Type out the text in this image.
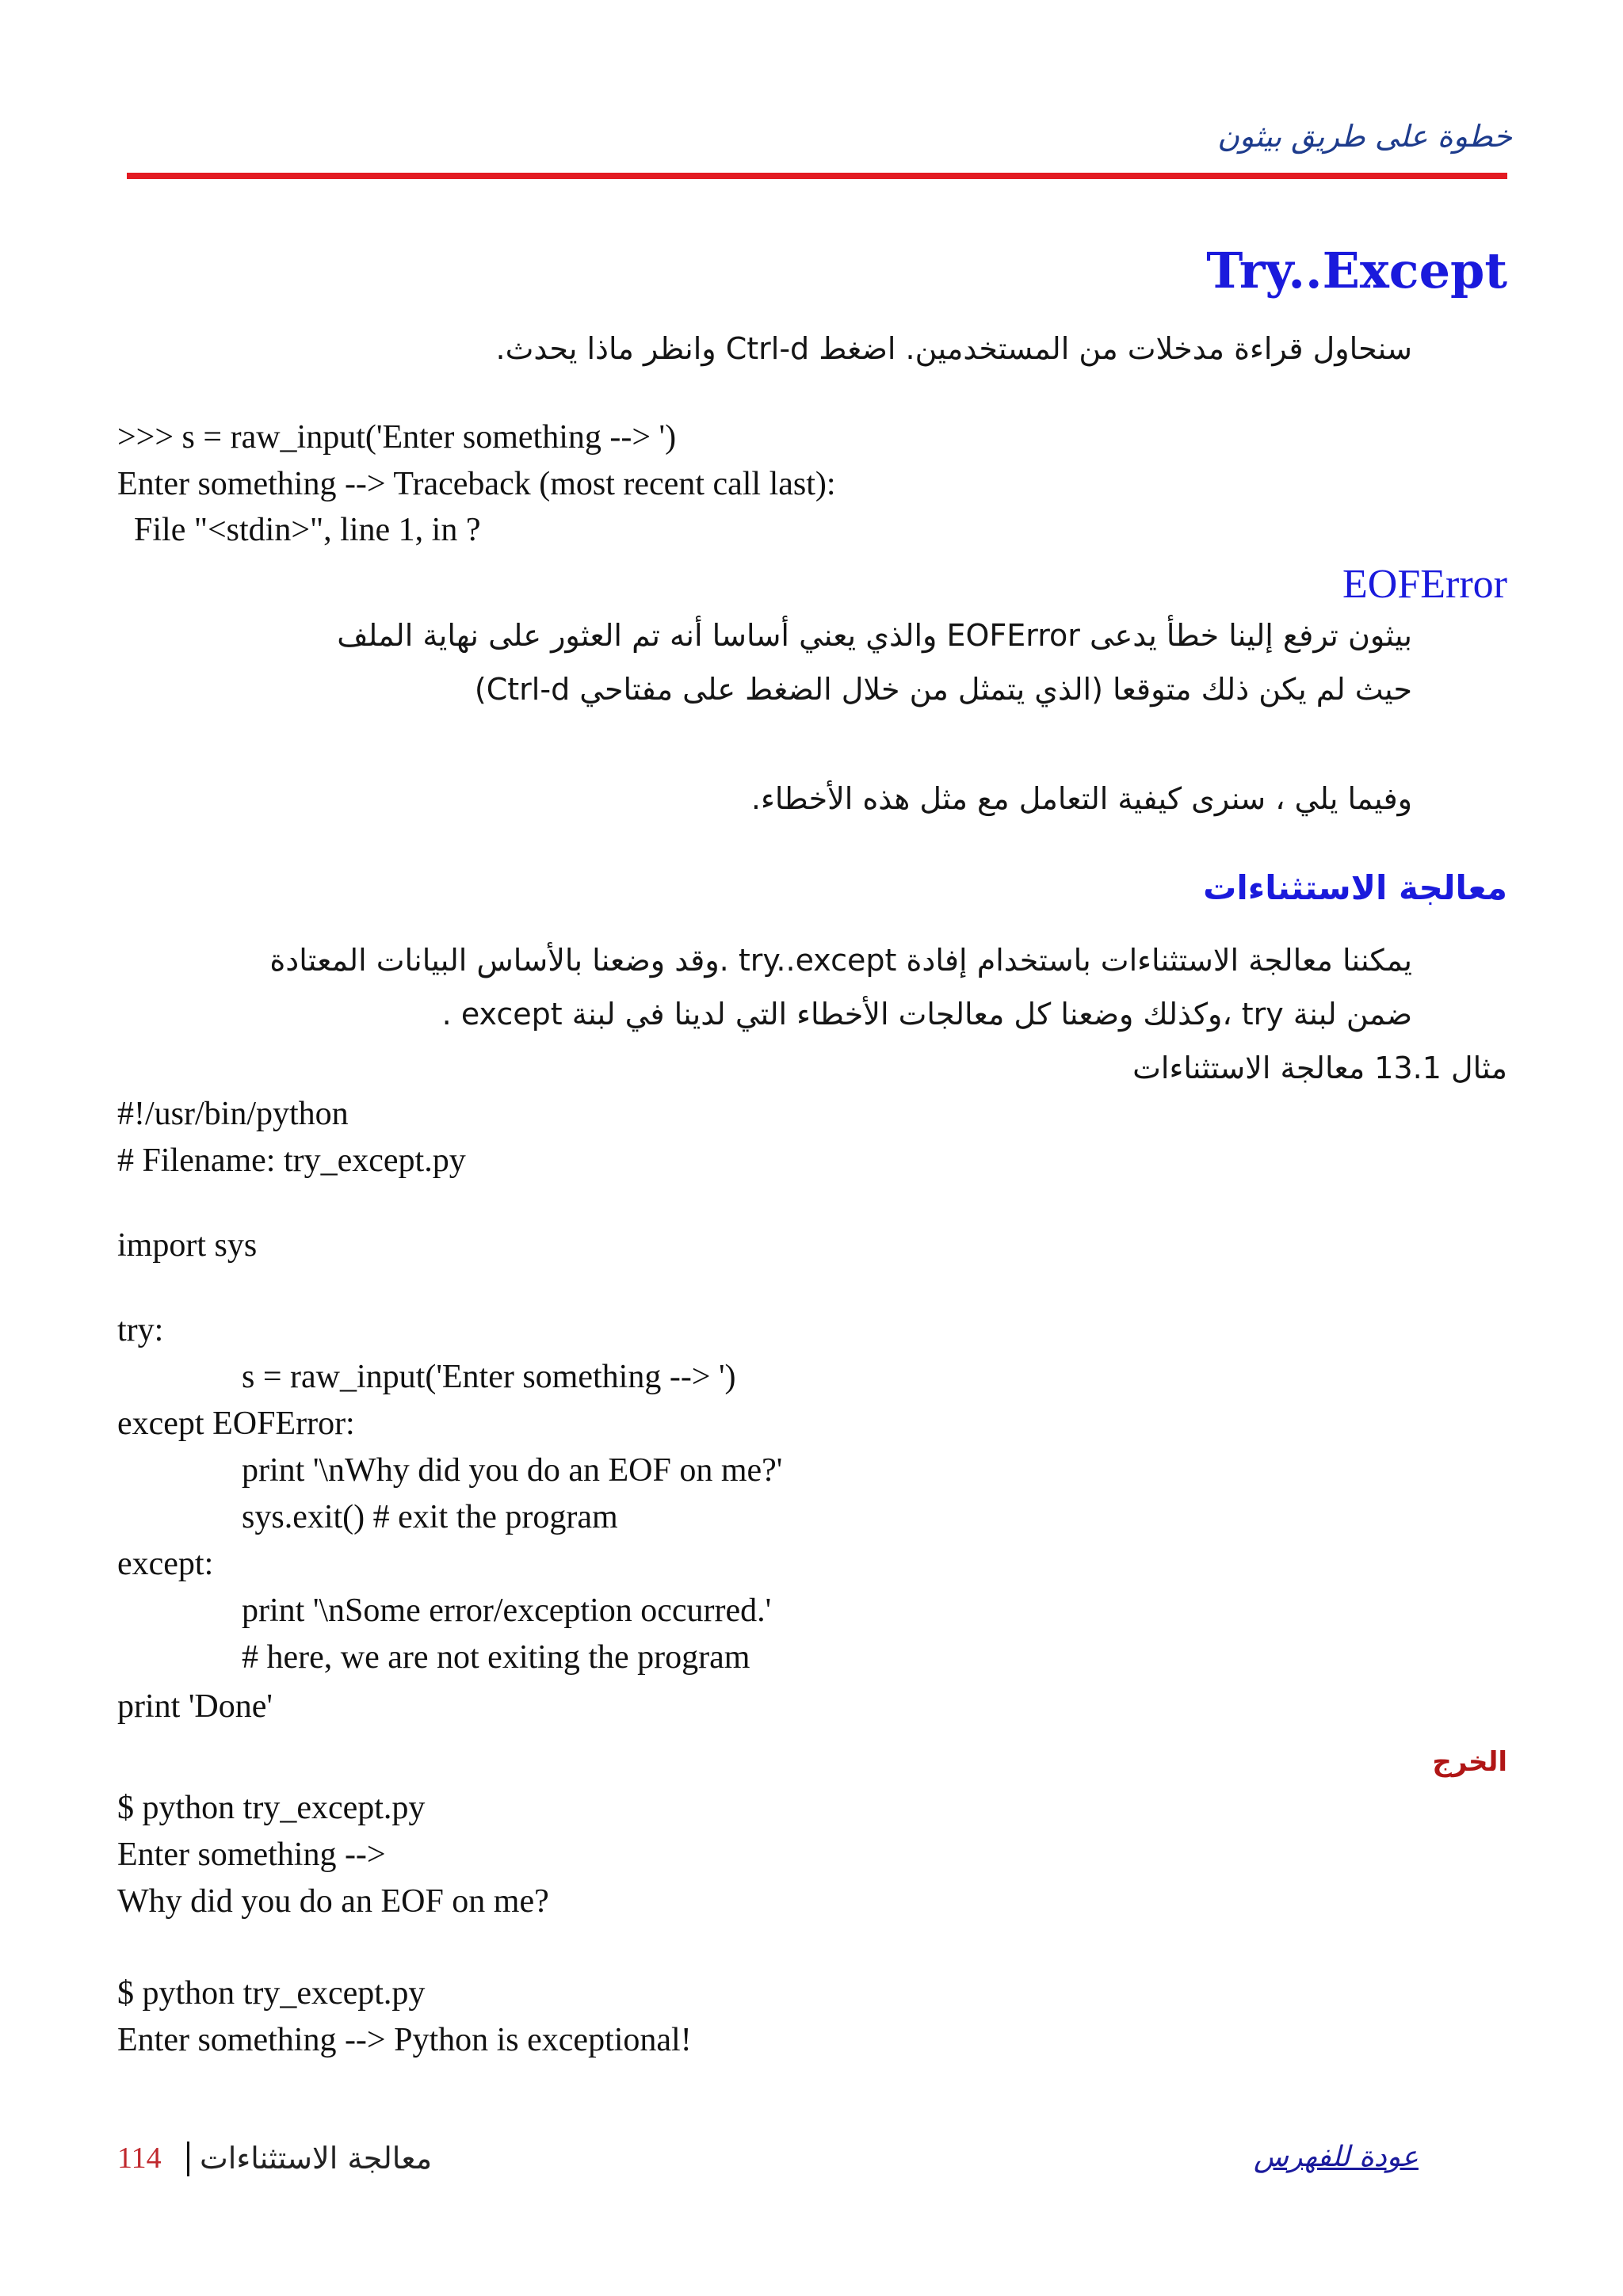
خطوة على طريق بيثون
Try..Except
سنحاول قراءة مدخلات من المستخدمين. اضغط Ctrl-d وانظر ماذا يحدث.
>>> s = raw_input('Enter something --> ')
Enter something --> Traceback (most recent call last):
File "<stdin>", line 1, in ?
EOFError
بيثون ترفع إلينا خطأ يدعى EOFError والذي يعني أساسا أنه تم العثور على نهاية الملف
حيث لم يكن ذلك متوقعا (الذي يتمثل من خلال الضغط على مفتاحي Ctrl-d)
وفيما يلي ، سنرى كيفية التعامل مع مثل هذه الأخطاء.
معالجة الاستثناءات
يمكننا معالجة الاستثناءات باستخدام إفادة try..except .وقد وضعنا بالأساس البيانات المعتادة
ضمن لبنة try ،وكذلك وضعنا كل معالجات الأخطاء التي لدينا في لبنة except .
مثال 13.1 معالجة الاستثناءات
#!/usr/bin/python
# Filename: try_except.py
import sys
try:
s = raw_input('Enter something --> ')
except EOFError:
print '\nWhy did you do an EOF on me?'
sys.exit() # exit the program
except:
print '\nSome error/exception occurred.'
# here, we are not exiting the program
print 'Done'
الخرج
$ python try_except.py
Enter something -->
Why did you do an EOF on me?
$ python try_except.py
Enter something --> Python is exceptional!
114 معالجة الاستثناءات	عودة للفهرس
